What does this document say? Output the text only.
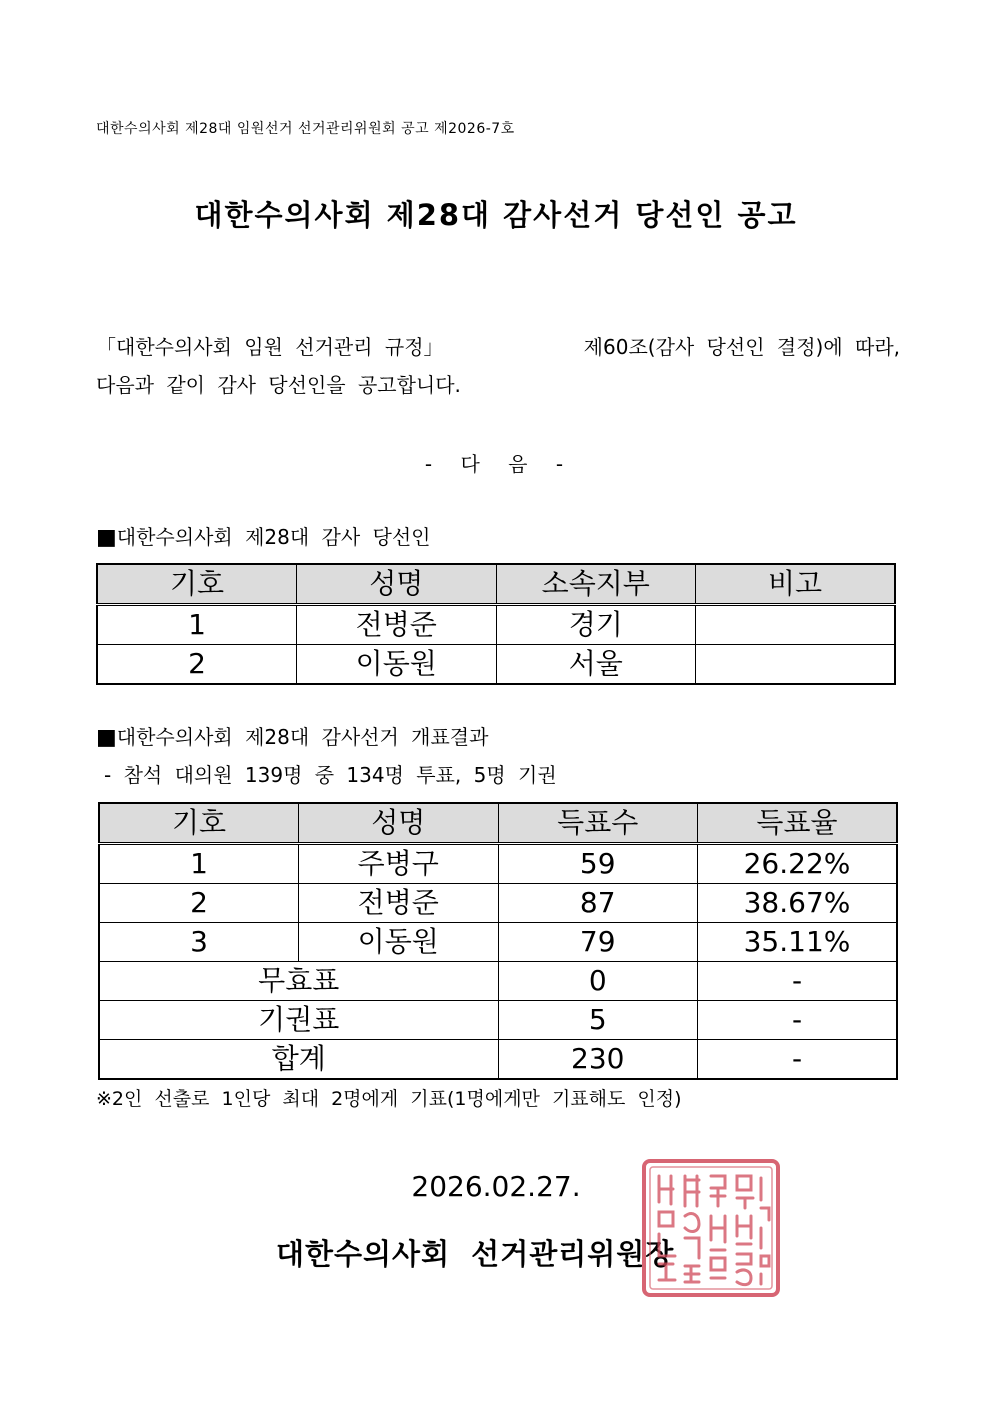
대한수의사회 제28대 임원선거 선거관리위원회 공고 제2026-7호
대한수의사회 제28대 감사선거 당선인 공고
「대한수의사회 임원 선거관리 규정」	제60조(감사 당선인 결정)에 따라,
다음과 같이 감사 당선인을 공고합니다.
- 다 음 -
■대한수의사회 제28대 감사 당선인
기호	성명	소속지부	비고
1	전병준	경기	
2	이동원	서울	
■대한수의사회 제28대 감사선거 개표결과
- 참석 대의원 139명 중 134명 투표, 5명 기권
기호	성명	득표수	득표율
1	주병구	59	26.22%
2	전병준	87	38.67%
3	이동원	79	35.11%
무효표		0	-
기권표		5	-
합계		230	-
※2인 선출로 1인당 최대 2명에게 기표(1명에게만 기표해도 인정)
2026.02.27.
대한수의사회 선거관리위원장
